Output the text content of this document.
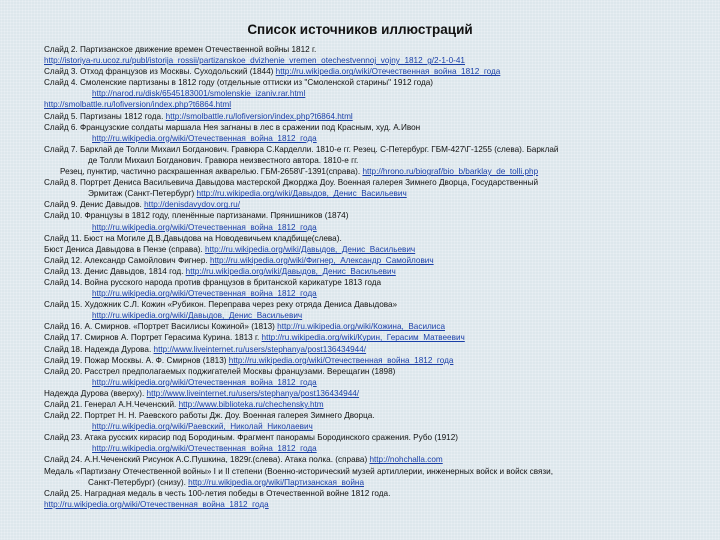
Список источников иллюстраций
Слайд 2. Партизанское движение времен Отечественной войны 1812 г.
http://istoriya-ru.ucoz.ru/publ/istorija_rossii/partizanskoe_dvizhenie_vremen_otechestvennoj_vojny_1812_g/2-1-0-41
Слайд 3. Отход французов из Москвы. Суходольский (1844) http://ru.wikipedia.org/wiki/Отечественная_война_1812_года
Слайд 4. Смоленские партизаны в 1812 году (отдельные оттиски из "Смоленской старины" 1912 года)
http://narod.ru/disk/6545183001/smolenskie_izaniv.rar.html
http://smolbattle.ru/lofiversion/index.php?t6864.html
Слайд 5. Партизаны 1812 года. http://smolbattle.ru/lofiversion/index.php?t6864.html
Слайд 6. Французские солдаты маршала Нея загнаны в лес в сражении под Красным, худ. А.Ивон
http://ru.wikipedia.org/wiki/Отечественная_война_1812_года
Слайд 7. Барклай де Толли Михаил Богданович. Гравюра С.Карделли. 1810-е гг. Резец. С-Петербург. ГБМ-427\Г-1255 (слева). Барклай
де Толли Михаил Богданович. Гравюра неизвестного автора. 1810-е гг.
Резец, пунктир, частично раскрашенная акварелью. ГБМ-2658\Г-1391(справа). http://hrono.ru/biograf/bio_b/barklay_de_tolli.php
Слайд 8. Портрет Дениса Васильевича Давыдова мастерской Джорджа Доу. Военная галерея Зимнего Дворца, Государственный
Эрмитаж (Санкт-Петербург) http://ru.wikipedia.org/wiki/Давыдов,_Денис_Васильевич
Слайд 9. Денис Давыдов. http://denisdavydov.org.ru/
Слайд 10. Французы в 1812 году, пленённые партизанами. Прянишников (1874)
http://ru.wikipedia.org/wiki/Отечественная_война_1812_года
Слайд 11. Бюст на Могиле Д.В.Давыдова на Новодевичьем кладбище(слева).
Бюст Дениса Давыдова в Пензе (справа). http://ru.wikipedia.org/wiki/Давыдов,_Денис_Васильевич
Слайд 12. Александр Самойлович Фигнер. http://ru.wikipedia.org/wiki/Фигнер,_Александр_Самойлович
Слайд 13. Денис Давыдов, 1814 год. http://ru.wikipedia.org/wiki/Давыдов,_Денис_Васильевич
Слайд 14. Война русского народа против французов в британской карикатуре 1813 года
http://ru.wikipedia.org/wiki/Отечественная_война_1812_года
Слайд 15. Художник С.Л. Кожин «Рубикон. Переправа через реку отряда Дениса Давыдова»
http://ru.wikipedia.org/wiki/Давыдов,_Денис_Васильевич
Слайд 16. А. Смирнов. «Портрет Василисы Кожиной» (1813) http://ru.wikipedia.org/wiki/Кожина,_Василиса
Слайд 17. Смирнов А. Портрет Герасима Курина. 1813 г. http://ru.wikipedia.org/wiki/Курин,_Герасим_Матвеевич
Слайд 18. Надежда Дурова. http://www.liveinternet.ru/users/stephanya/post136434944/
Слайд 19. Пожар Москвы. А. Ф. Смирнов (1813) http://ru.wikipedia.org/wiki/Отечественная_война_1812_года
Слайд 20. Расстрел предполагаемых поджигателей Москвы французами. Верещагин (1898)
http://ru.wikipedia.org/wiki/Отечественная_война_1812_года
Надежда Дурова (вверху). http://www.liveinternet.ru/users/stephanya/post136434944/
Слайд 21. Генерал А.Н.Чеченский. http://www.biblioteka.ru/chechensky.htm
Слайд 22. Портрет Н. Н. Раевского работы Дж. Доу. Военная галерея Зимнего Дворца.
http://ru.wikipedia.org/wiki/Раевский,_Николай_Николаевич
Слайд 23. Атака русских кирасир под Бородиным. Фрагмент панорамы Бородинского сражения. Рубо (1912)
http://ru.wikipedia.org/wiki/Отечественная_война_1812_года
Слайд 24. А.Н.Чеченский Рисунок А.С.Пушкина, 1829г.(слева). Атака полка. (справа) http://nohchalla.com
Медаль «Партизану Отечественной войны» I и II степени (Военно-исторический музей артиллерии, инженерных войск и войск связи,
Санкт-Петербург) (снизу). http://ru.wikipedia.org/wiki/Партизанская_война
Слайд 25. Наградная медаль в честь 100-летия победы в Отечественной войне 1812 года.
http://ru.wikipedia.org/wiki/Отечественная_война_1812_года
